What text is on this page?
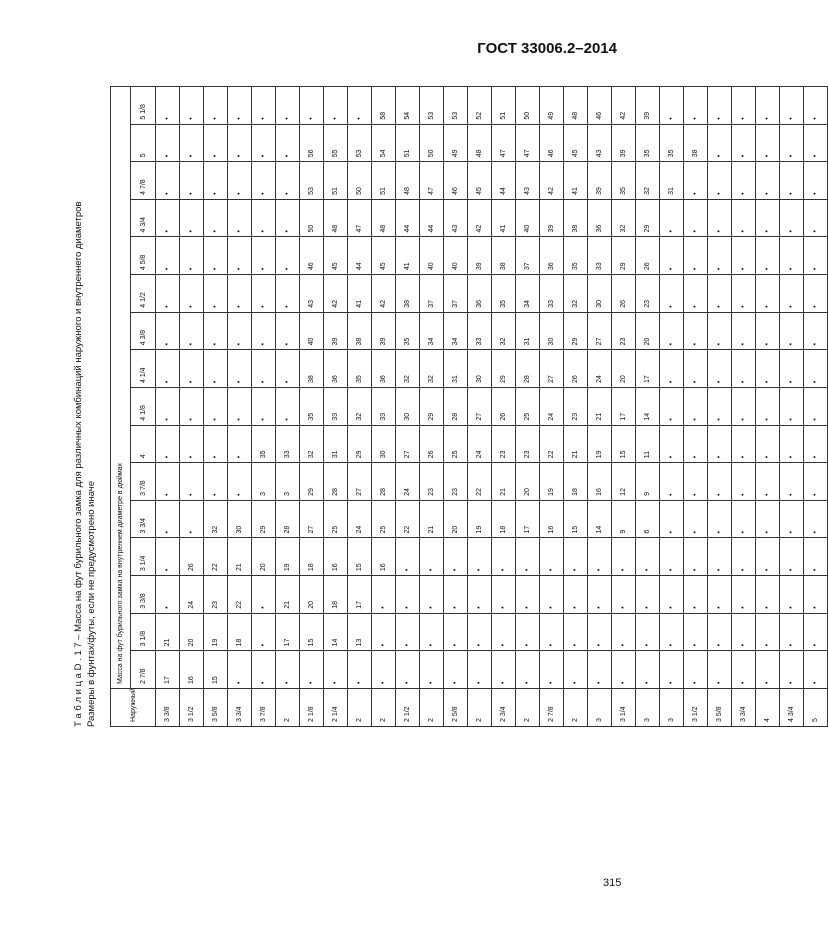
ГОСТ 33006.2–2014
Т а б л и ц а D . 1 7 – Масса на фут бурильного замка для различных комбинаций наружного и внутреннего диаметров Размеры в фунтах/футы, если не предусмотрено иначе	Наружный	Масса на фут бурильного замка на внутреннем диаметре в дюймах															
	2 7/8	3 1/8	3 3/8	3 1/4	3 3/4	3 7/8	4	4 1/8	4 1/4	4 3/8	4 1/2	4 5/8	4 3/4	4 7/8	5	5 1/8
3 3/8	17	21	•	•	•	•	•	•	•	•	•	•	•	•	•	•
3 1/2	16	20	24	26	•	•	•	•	•	•	•	•	•	•	•	•
3 5/8	15	19	23	22	32	•	•	•	•	•	•	•	•	•	•	•
3 3/4	•	18	22	21	30	•	•	•	•	•	•	•	•	•	•	•
3 7/8	•	•	•	20	29	3	35	•	•	•	•	•	•	•	•	•
2	•	17	21	19	28	3	33	•	•	•	•	•	•	•	•	•
2 1/8	•	15	20	18	27	29	32	35	38	40	43	46	50	53	56	•
2 1/4	•	14	18	16	25	28	31	33	36	39	42	45	48	51	55	•
2	•	13	17	15	24	27	29	32	35	38	41	44	47	50	53	•
2	•	•	•	16	25	28	30	33	36	39	42	45	48	51	54	58
2 1/2	•	•	•	•	22	24	27	30	32	35	38	41	44	48	51	54
2	•	•	•	•	21	23	26	29	32	34	37	40	44	47	50	53
2 5/8	•	•	•	•	20	23	25	28	31	34	37	40	43	46	49	53
2	•	•	•	•	19	22	24	27	30	33	36	39	42	45	48	52
2 3/4	•	•	•	•	18	21	23	26	29	32	35	38	41	44	47	51
2	•	•	•	•	17	20	23	25	28	31	34	37	40	43	47	50
2 7/8	•	•	•	•	16	19	22	24	27	30	33	36	39	42	46	49
2	•	•	•	•	15	18	21	23	26	29	32	35	38	41	45	48
3	•	•	•	•	14	16	19	21	24	27	30	33	36	39	43	46
3 1/4	•	•	•	•	9	12	15	17	20	23	26	29	32	35	39	42
3	•	•	•	•	6	9	11	14	17	20	23	26	29	32	35	39
3	•	•	•	•	•	•	•	•	•	•	•	•	•	31	35	•
3 1/2	•	•	•	•	•	•	•	•	•	•	•	•	•	•	38	•
3 5/8	•	•	•	•	•	•	•	•	•	•	•	•	•	•	•	•
3 3/4	•	•	•	•	•	•	•	•	•	•	•	•	•	•	•	•
4	•	•	•	•	•	•	•	•	•	•	•	•	•	•	•	•
4 3/4	•	•	•	•	•	•	•	•	•	•	•	•	•	•	•	•
5	•	•	•	•	•	•	•	•	•	•	•	•	•	•	•	•
315
